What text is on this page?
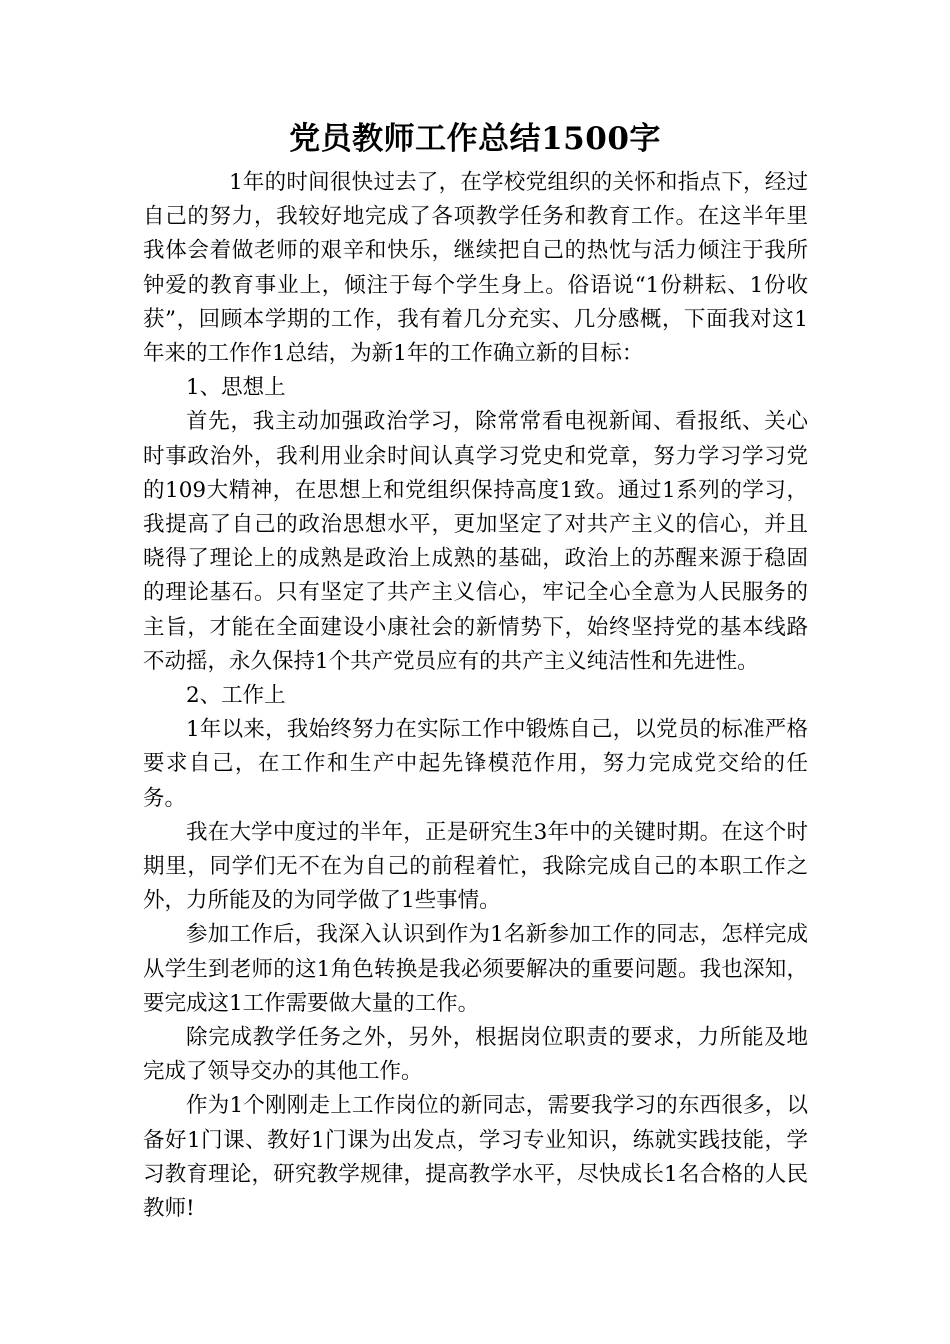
党员教师工作总结1500字

1年的时间很快过去了，在学校党组织的关怀和指点下，经过自己的努力，我较好地完成了各项教学任务和教育工作。在这半年里我体会着做老师的艰辛和快乐，继续把自己的热忱与活力倾注于我所钟爱的教育事业上，倾注于每个学生身上。俗语说“1份耕耘、1份收获”，回顾本学期的工作，我有着几分充实、几分感概，下面我对这1年来的工作作1总结，为新1年的工作确立新的目标：

1、思想上

首先，我主动加强政治学习，除常常看电视新闻、看报纸、关心时事政治外，我利用业余时间认真学习党史和党章，努力学习学习党的109大精神，在思想上和党组织保持高度1致。通过1系列的学习，我提高了自己的政治思想水平，更加坚定了对共产主义的信心，并且晓得了理论上的成熟是政治上成熟的基础，政治上的苏醒来源于稳固的理论基石。只有坚定了共产主义信心，牢记全心全意为人民服务的主旨，才能在全面建设小康社会的新情势下，始终坚持党的基本线路不动摇，永久保持1个共产党员应有的共产主义纯洁性和先进性。

2、工作上

1年以来，我始终努力在实际工作中锻炼自己，以党员的标准严格要求自己，在工作和生产中起先锋模范作用，努力完成党交给的任务。

我在大学中度过的半年，正是研究生3年中的关键时期。在这个时期里，同学们无不在为自己的前程着忙，我除完成自己的本职工作之外，力所能及的为同学做了1些事情。

参加工作后，我深入认识到作为1名新参加工作的同志，怎样完成从学生到老师的这1角色转换是我必须要解决的重要问题。我也深知，要完成这1工作需要做大量的工作。

除完成教学任务之外，另外，根据岗位职责的要求，力所能及地完成了领导交办的其他工作。

作为1个刚刚走上工作岗位的新同志，需要我学习的东西很多，以备好1门课、教好1门课为出发点，学习专业知识，练就实践技能，学习教育理论，研究教学规律，提高教学水平，尽快成长1名合格的人民教师!
